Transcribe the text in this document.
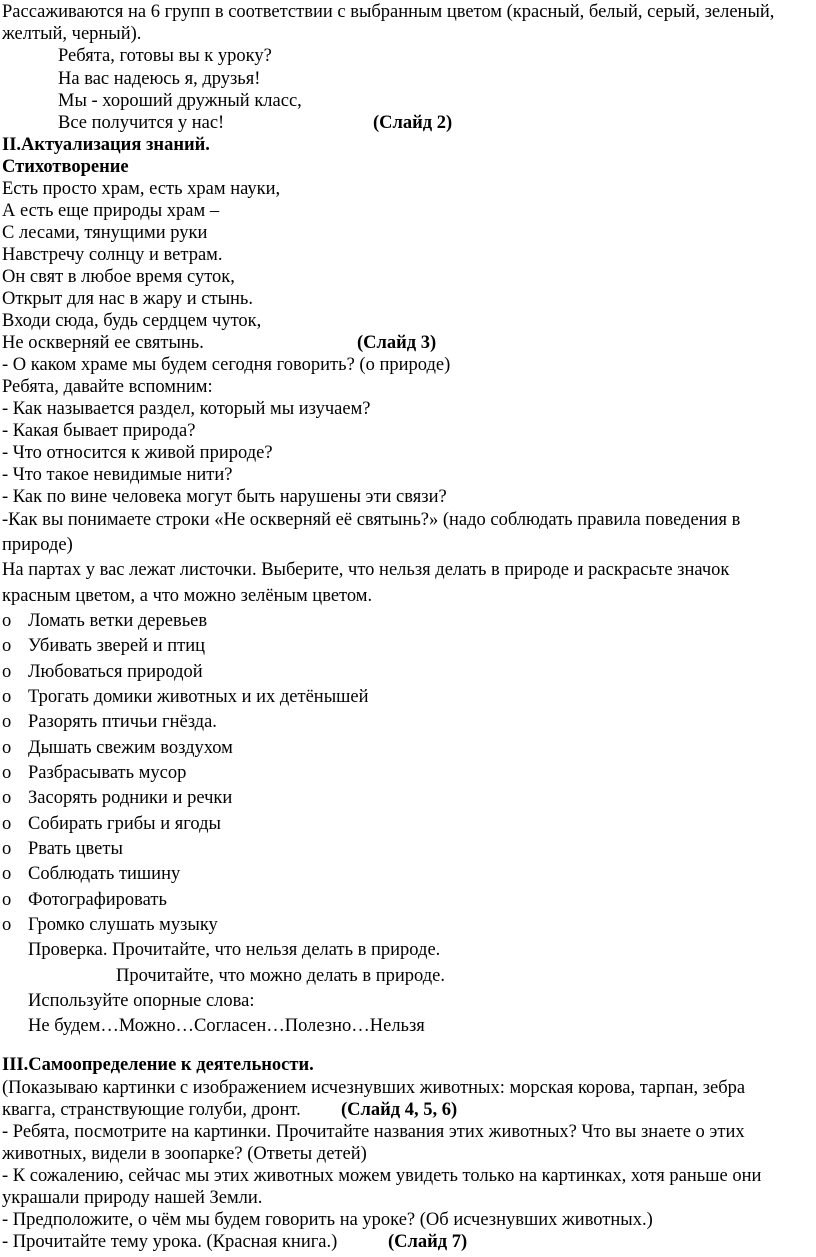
Рассаживаются на 6 групп в соответствии с выбранным цветом (красный, белый, серый, зеленый,
желтый, черный).
Ребята, готовы вы к уроку?
На вас надеюсь я, друзья!
Мы - хороший дружный класс,
Все получится у нас!	(Слайд 2)
II.Актуализация знаний.
Стихотворение
Есть просто храм, есть храм науки,
А есть еще природы храм –
С лесами, тянущими руки
Навстречу солнцу и ветрам.
Он свят в любое время суток,
Открыт для нас в жару и стынь.
Входи сюда, будь сердцем чуток,
Не оскверняй ее святынь.	(Слайд 3)
- О каком храме мы будем сегодня говорить? (о природе)
Ребята, давайте вспомним:
- Как называется раздел, который мы изучаем?
- Какая бывает природа?
- Что относится к живой природе?
- Что такое невидимые нити?
- Как по вине человека могут быть нарушены эти связи?
-Как вы понимаете строки «Не оскверняй её святынь?» (надо соблюдать правила поведения в
природе)
На партах у вас лежат листочки. Выберите, что нельзя делать в природе и раскрасьте значок
красным цветом, а что можно зелёным цветом.
o Ломать ветки деревьев
o Убивать зверей и птиц
o Любоваться природой
o Трогать домики животных и их детёнышей
o Разорять птичьи гнёзда.
o Дышать свежим воздухом
o Разбрасывать мусор
o Засорять родники и речки
o Собирать грибы и ягоды
o Рвать цветы
o Соблюдать тишину
o Фотографировать
o Громко слушать музыку
Проверка. Прочитайте, что нельзя делать в природе.
Прочитайте, что можно делать в природе.
Используйте опорные слова:
Не будем…Можно…Согласен…Полезно…Нельзя
III.Самоопределение к деятельности.
(Показываю картинки с изображением исчезнувших животных: морская корова, тарпан, зебра
квагга, странствующие голуби, дронт. (Слайд 4, 5, 6)
- Ребята, посмотрите на картинки. Прочитайте названия этих животных? Что вы знаете о этих
животных, видели в зоопарке? (Ответы детей)
- К сожалению, сейчас мы этих животных можем увидеть только на картинках, хотя раньше они
украшали природу нашей Земли.
- Предположите, о чём мы будем говорить на уроке? (Об исчезнувших животных.)
- Прочитайте тему урока. (Красная книга.)	(Слайд 7)
